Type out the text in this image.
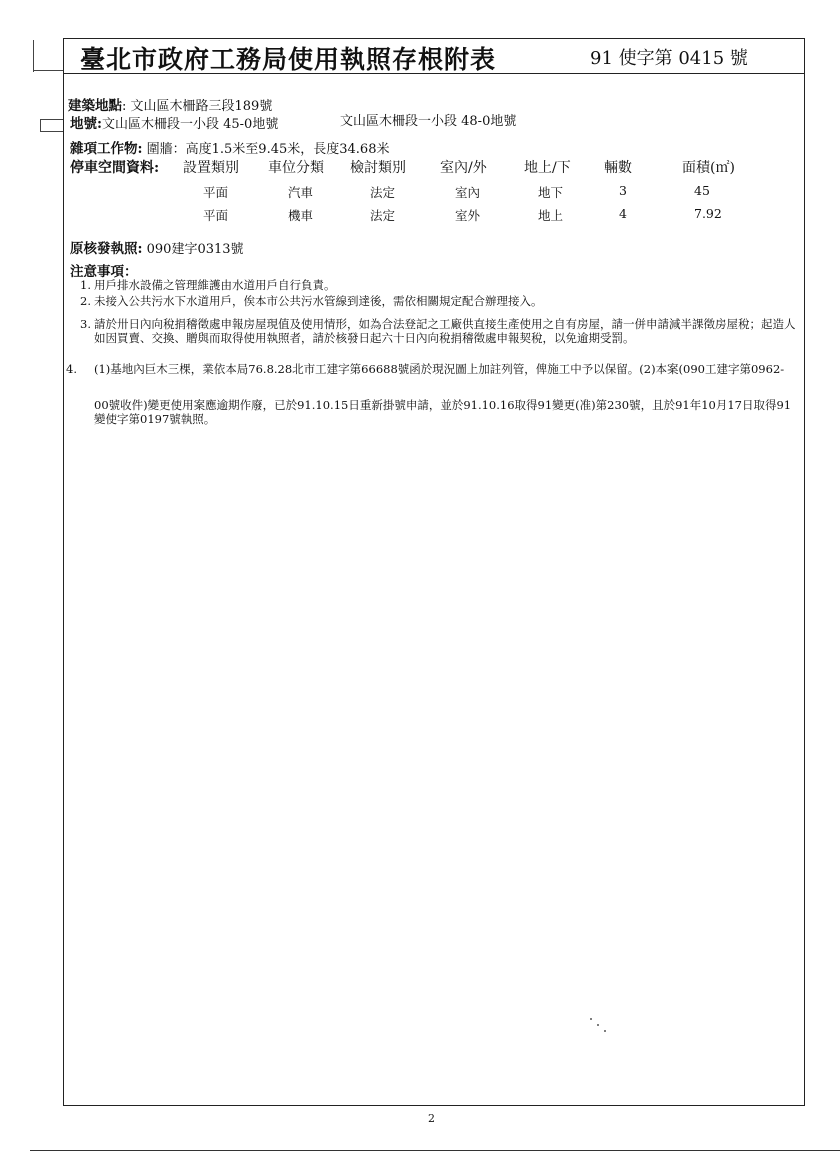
臺北市政府工務局使用執照存根附表	91 使字第 0415 號
建築地點: 文山區木柵路三段189號
地號:文山區木柵段一小段 45-0地號	文山區木柵段一小段 48-0地號
雜項工作物: 圍牆：高度1.5米至9.45米，長度34.68米
停車空間資料: 設置類別 車位分類 檢討類別 室內/外	地上/下 輛數	面積(㎡)
平面	汽車	法定	室內	地下	3	45
平面	機車	法定	室外	地上	4	7.92
原核發執照: 090建字0313號
注意事項：
1. 用戶排水設備之管理維護由水道用戶自行負責。
2. 未接入公共污水下水道用戶，俟本市公共污水管線到達後，需依相關規定配合辦理接入。
3. 請於卅日內向稅捐稽徵處申報房屋現值及使用情形，如為合法登記之工廠供直接生產使用之自有房屋，請一併申請減半課徵房屋稅；起造人如因買賣、交換、贈與而取得使用執照者，請於核發日起六十日內向稅捐稽徵處申報契稅，以免逾期受罰。
4. (1)基地內巨木三棵，業依本局76.8.28北市工建字第66688號函於現況圖上加註列管，俾施工中予以保留。(2)本案(090工建字第0962-
00號收件)變更使用案應逾期作廢，已於91.10.15日重新掛號申請，並於91.10.16取得91變更(准)第230號，且於91年10月17日取得91變使字第0197號執照。
2
